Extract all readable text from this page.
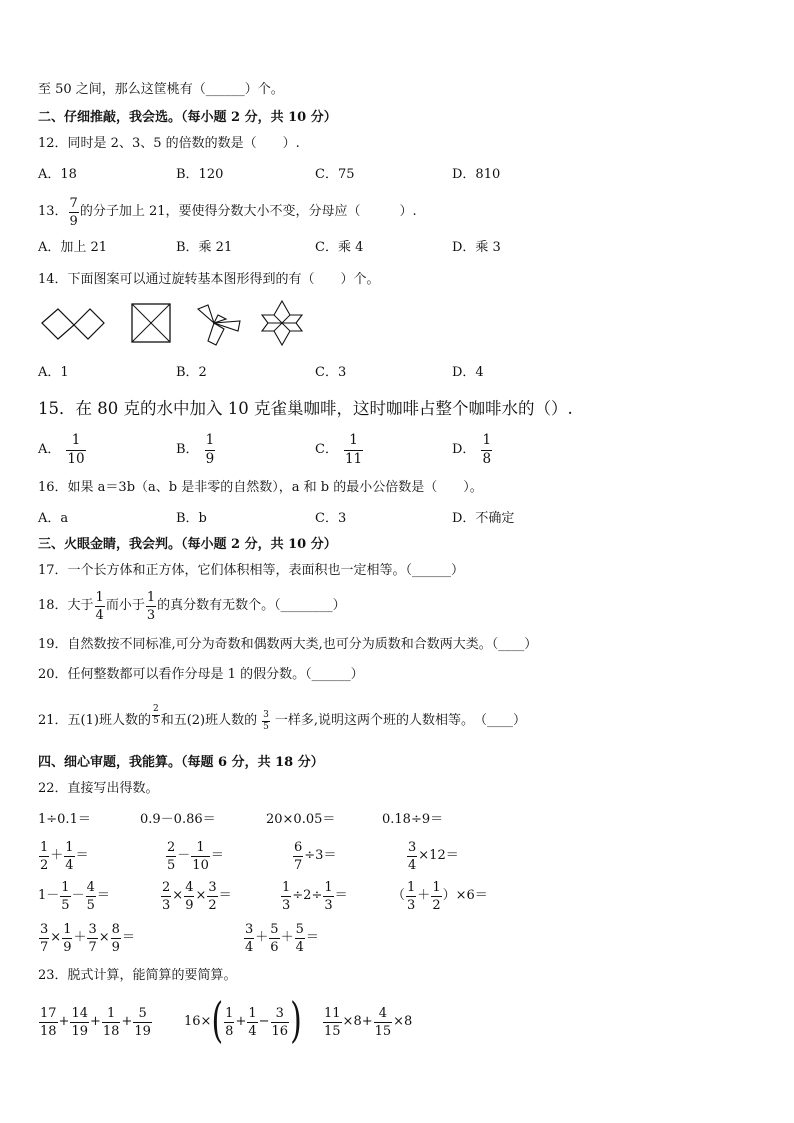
至 50 之间，那么这筐桃有（______）个。
二、仔细推敲，我会选。（每小题 2 分，共 10 分）
12．同时是 2、3、5 的倍数的数是（　　）.
A．18	B．120	C．75	D．810
13． $\frac{7}{9}$ 的分子加上 21，要使得分数大小不变，分母应（　　　）.
A．加上 21	B．乘 21	C．乘 4	D．乘 3
14．下面图案可以通过旋转基本图形得到的有（　　）个。
A．1	B．2	C．3	D．4
15．在 80 克的水中加入 10 克雀巢咖啡，这时咖啡占整个咖啡水的（）.
A． $\frac{1}{10}$	B． $\frac{1}{9}$	C． $\frac{1}{11}$	D． $\frac{1}{8}$
16．如果 a＝3b（a、b 是非零的自然数），a 和 b 的最小公倍数是（　　）。
A．a	B．b	C．3	D．不确定
三、火眼金睛，我会判。（每小题 2 分，共 10 分）
17．一个长方体和正方体，它们体积相等，表面积也一定相等。（______）
18．大于 $\frac{1}{4}$ 而小于 $\frac{1}{3}$ 的真分数有无数个。（________）
19．自然数按不同标准,可分为奇数和偶数两大类,也可分为质数和合数两大类。（____）
20．任何整数都可以看作分母是 1 的假分数。（______）
21．五(1)班人数的 $\frac{2}{5}$ 和五(2)班人数的 $\frac{3}{5}$ 一样多,说明这两个班的人数相等。　（____）
四、细心审题，我能算。（每题 6 分，共 18 分）
22．直接写出得数。
1÷0.1＝	0.9－0.86＝	20×0.05＝	0.18÷9＝
$\frac{1}{2} + \frac{1}{4}$ ＝	$\frac{2}{5} - \frac{1}{10}$ ＝	$\frac{6}{7} \div 3$ ＝	$\frac{3}{4} \times 12$ ＝
$1- \frac{1}{5} - \frac{4}{5}$ ＝	$\frac{2}{3} \times \frac{4}{9} \times \frac{3}{2}$ ＝	$\frac{1}{3} \div 2\div \frac{1}{3}$ ＝	（ $\frac{1}{3} + \frac{1}{2} )\times 6$ ＝
$\frac{3}{7} \times \frac{1}{9} + \frac{3}{7} \times \frac{8}{9}$ ＝	$\frac{3}{4} + \frac{5}{6} + \frac{5}{4}$ ＝
23．脱式计算，能简算的要简算。
$\frac{17}{18} + \frac{14}{19} + \frac{1}{18} + \frac{5}{19} 16\times$ ( $\frac{1}{8} + \frac{1}{4} - \frac{3}{16}$ ) $\frac{11}{15} \times 8+ \frac{4}{15} \times 8$
